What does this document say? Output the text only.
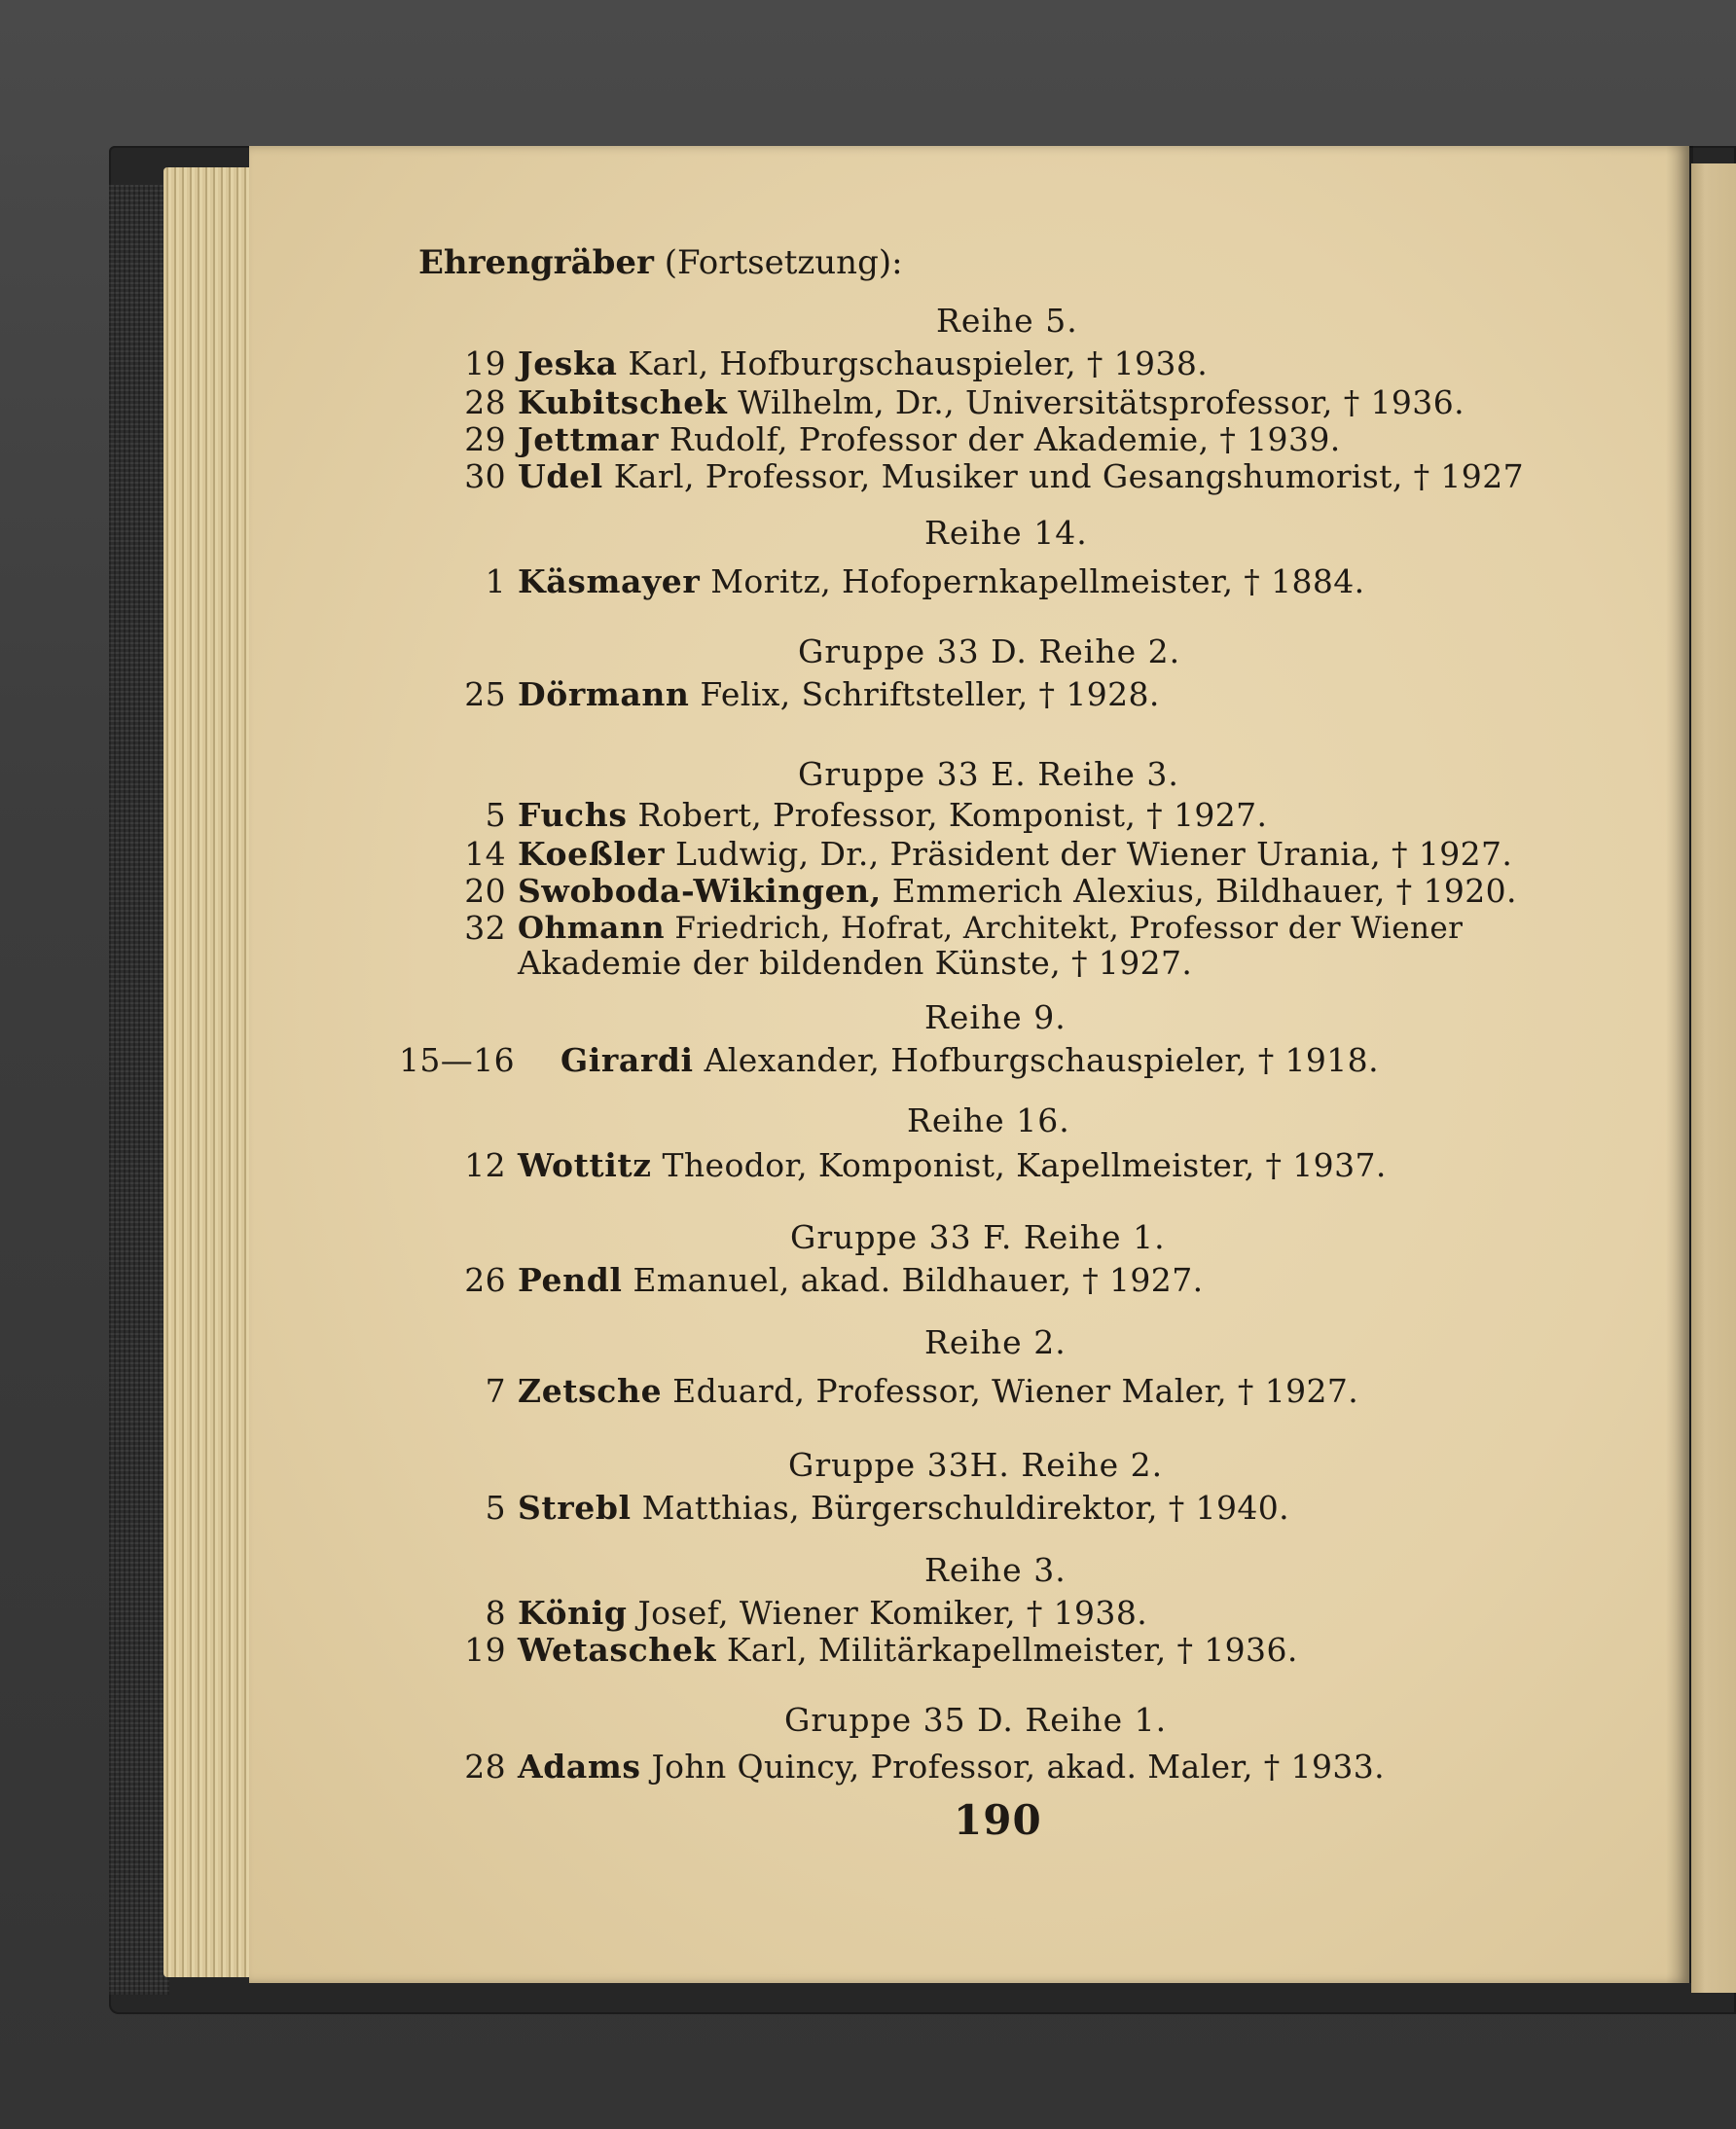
Ehrengräber (Fortsetzung):
Reihe 5.
19 Jeska Karl, Hofburgschauspieler, † 1938.
28 Kubitschek Wilhelm, Dr., Universitätsprofessor, † 1936.
29 Jettmar Rudolf, Professor der Akademie, † 1939.
30 Udel Karl, Professor, Musiker und Gesangshumorist, † 1927
Reihe 14.
1 Käsmayer Moritz, Hofopernkapellmeister, † 1884.
Gruppe 33 D. Reihe 2.
25 Dörmann Felix, Schriftsteller, † 1928.
Gruppe 33 E. Reihe 3.
5 Fuchs Robert, Professor, Komponist, † 1927.
14 Koeßler Ludwig, Dr., Präsident der Wiener Urania, † 1927.
20 Swoboda-Wikingen, Emmerich Alexius, Bildhauer, † 1920.
32 Ohmann Friedrich, Hofrat, Architekt, Professor der Wiener
Akademie der bildenden Künste, † 1927.
Reihe 9.
15—16 Girardi Alexander, Hofburgschauspieler, † 1918.
Reihe 16.
12 Wottitz Theodor, Komponist, Kapellmeister, † 1937.
Gruppe 33 F. Reihe 1.
26 Pendl Emanuel, akad. Bildhauer, † 1927.
Reihe 2.
7 Zetsche Eduard, Professor, Wiener Maler, † 1927.
Gruppe 33H. Reihe 2.
5 Strebl Matthias, Bürgerschuldirektor, † 1940.
Reihe 3.
8 König Josef, Wiener Komiker, † 1938.
19 Wetaschek Karl, Militärkapellmeister, † 1936.
Gruppe 35 D. Reihe 1.
28 Adams John Quincy, Professor, akad. Maler, † 1933.
190
